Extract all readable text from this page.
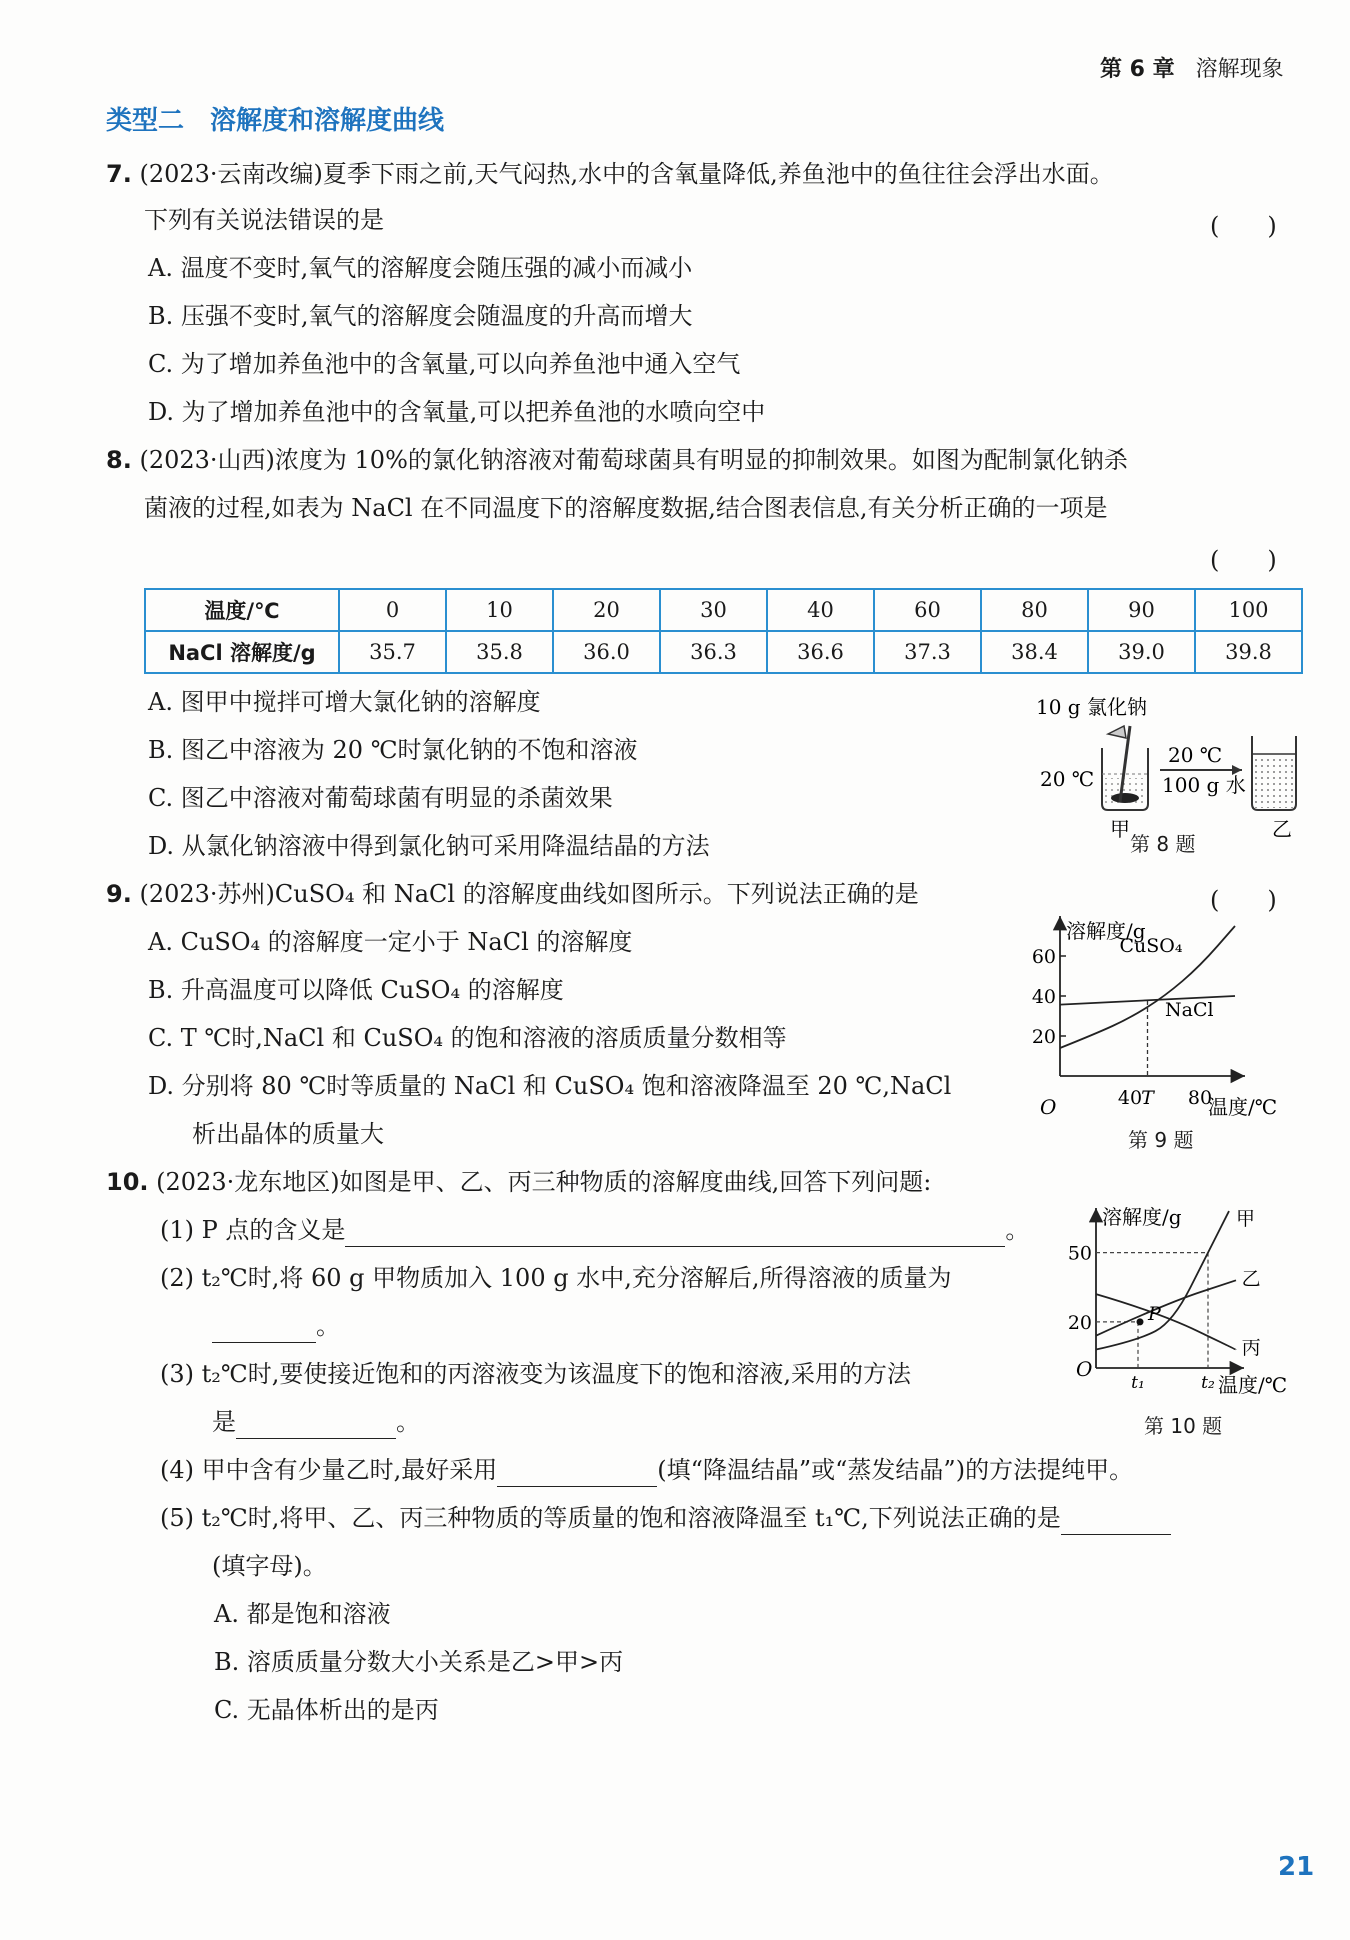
第 6 章 溶解现象
类型二　溶解度和溶解度曲线
7. (2023·云南改编)夏季下雨之前,天气闷热,水中的含氧量降低,养鱼池中的鱼往往会浮出水面。
下列有关说法错误的是	(　　)
A. 温度不变时,氧气的溶解度会随压强的减小而减小
B. 压强不变时,氧气的溶解度会随温度的升高而增大
C. 为了增加养鱼池中的含氧量,可以向养鱼池中通入空气
D. 为了增加养鱼池中的含氧量,可以把养鱼池的水喷向空中
8. (2023·山西)浓度为 10%的氯化钠溶液对葡萄球菌具有明显的抑制效果。如图为配制氯化钠杀
菌液的过程,如表为 NaCl 在不同温度下的溶解度数据,结合图表信息,有关分析正确的一项是
(　　)
温度/℃	0	10	20	30	40	60	80	90	100
NaCl 溶解度/g	35.7	35.8	36.0	36.3	36.6	37.3	38.4	39.0	39.8
A. 图甲中搅拌可增大氯化钠的溶解度
B. 图乙中溶液为 20 ℃时氯化钠的不饱和溶液
C. 图乙中溶液对葡萄球菌有明显的杀菌效果
D. 从氯化钠溶液中得到氯化钠可采用降温结晶的方法
10 g 氯化钠
20 ℃
甲
20 ℃
100 g 水
乙
第 8 题
9. (2023·苏州)CuSO₄ 和 NaCl 的溶解度曲线如图所示。下列说法正确的是	(　　)
A. CuSO₄ 的溶解度一定小于 NaCl 的溶解度
B. 升高温度可以降低 CuSO₄ 的溶解度
C. T ℃时,NaCl 和 CuSO₄ 的饱和溶液的溶质质量分数相等
D. 分别将 80 ℃时等质量的 NaCl 和 CuSO₄ 饱和溶液降温至 20 ℃,NaCl
析出晶体的质量大
溶解度/g
温度/℃
O
20
40
60
40 T 80
CuSO₄
NaCl
第 9 题
10. (2023·龙东地区)如图是甲、乙、丙三种物质的溶解度曲线,回答下列问题:
(1) P 点的含义是	。
(2) t₂℃时,将 60 g 甲物质加入 100 g 水中,充分溶解后,所得溶液的质量为
。
(3) t₂℃时,要使接近饱和的丙溶液变为该温度下的饱和溶液,采用的方法
是	。
(4) 甲中含有少量乙时,最好采用	(填“降温结晶”或“蒸发结晶”)的方法提纯甲。
(5) t₂℃时,将甲、乙、丙三种物质的等质量的饱和溶液降温至 t₁℃,下列说法正确的是
(填字母)。
A. 都是饱和溶液
B. 溶质质量分数大小关系是乙>甲>丙
C. 无晶体析出的是丙
溶解度/g
温度/℃
O
20
50
t₁	t₂
甲
乙
丙
P
第 10 题
21
